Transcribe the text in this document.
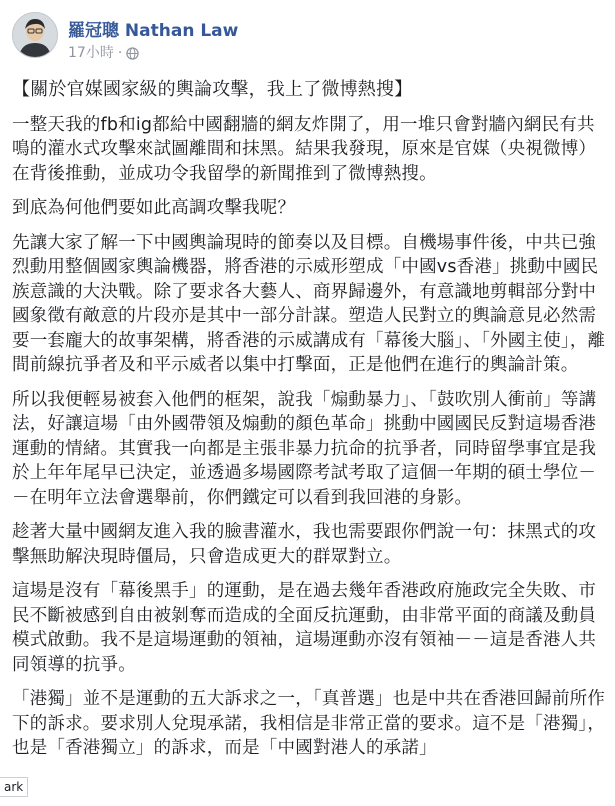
羅冠聰 Nathan Law
17小時 ·

【關於官媒國家級的輿論攻擊，我上了微博熱搜】

一整天我的fb和ig都給中國翻牆的網友炸開了，用一堆只會對牆內網民有共鳴的灌水式攻擊來試圖離間和抹黑。結果我發現，原來是官媒（央視微博）在背後推動，並成功令我留學的新聞推到了微博熱搜。

到底為何他們要如此高調攻擊我呢？

先讓大家了解一下中國輿論現時的節奏以及目標。自機場事件後，中共已強烈動用整個國家輿論機器，將香港的示威形塑成「中國vs香港」挑動中國民族意識的大決戰。除了要求各大藝人、商界歸邊外，有意識地剪輯部分對中國象徵有敵意的片段亦是其中一部分計謀。塑造人民對立的輿論意見必然需要一套龐大的故事架構，將香港的示威講成有「幕後大腦」、「外國主使」，離間前線抗爭者及和平示威者以集中打擊面，正是他們在進行的輿論計策。

所以我便輕易被套入他們的框架，說我「煽動暴力」、「鼓吹別人衝前」等講法，好讓這場「由外國帶領及煽動的顏色革命」挑動中國國民反對這場香港運動的情緒。其實我一向都是主張非暴力抗命的抗爭者，同時留學事宜是我於上年年尾早已決定，並透過多場國際考試考取了這個一年期的碩士學位－－在明年立法會選舉前，你們鐵定可以看到我回港的身影。

趁著大量中國網友進入我的臉書灌水，我也需要跟你們說一句：抹黑式的攻擊無助解決現時僵局，只會造成更大的群眾對立。

這場是沒有「幕後黑手」的運動，是在過去幾年香港政府施政完全失敗、市民不斷被感到自由被剝奪而造成的全面反抗運動，由非常平面的商議及動員模式啟動。我不是這場運動的領袖，這場運動亦沒有領袖－－這是香港人共同領導的抗爭。

「港獨」並不是運動的五大訴求之一，「真普選」也是中共在香港回歸前所作下的訴求。要求別人兌現承諾，我相信是非常正當的要求。這不是「港獨」，也是「香港獨立」的訴求，而是「中國對港人的承諾」

ark
